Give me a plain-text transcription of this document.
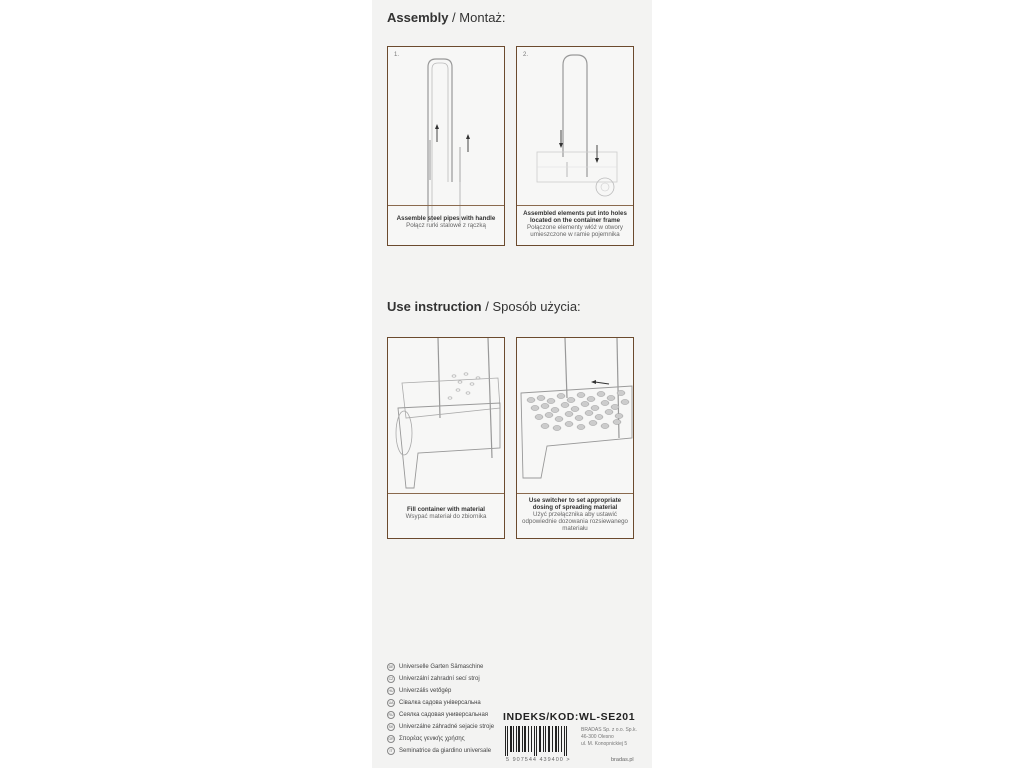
Assembly / Montaż:
1.
Assemble steel pipes with handle
Połącz rurki stalowe z rączką
2.
Assembled elements put into holes located on the container frame
Połączone elementy włóż w otwory umieszczone w ramie pojemnika
Use instruction / Sposób użycia:
Fill container with material
Wsypać materiał do zbiornika
Use switcher to set appropriate dosing of spreading material
Użyć przełącznika aby ustawić odpowiednie dozowania rozsiewanego materiału
DE Universelle Garten Sämaschine
CZ Univerzální zahradní secí stroj
HU Univerzális vetőgép
UA Сівалка садова універсальна
RU Сеялка садовая универсальная
SK Univerzálne záhradné sejacie stroje
GR Σπορέας γενικής χρήσης
IT	Seminatrice da giardino universale
INDEKS/KOD:WL-SE201
5 907544 439400 >
BRADAS Sp. z o.o. Sp.k.
46-300 Olesno
ul. M. Konopnickiej 5
bradas.pl
